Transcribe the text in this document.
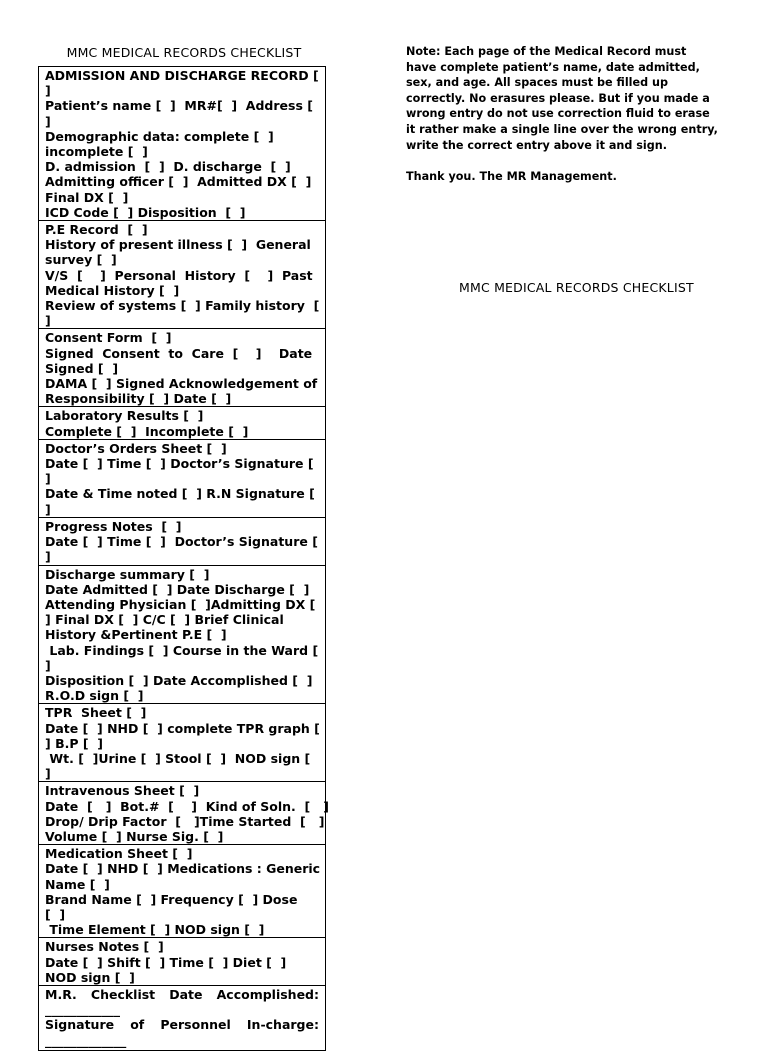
MMC MEDICAL RECORDS CHECKLIST
ADMISSION AND DISCHARGE RECORD [
]
Patient’s name [  ]  MR#[  ]  Address [
]
Demographic data: complete [  ]
incomplete [  ]
D. admission  [  ]  D. discharge  [  ]
Admitting officer [  ]  Admitted DX [  ]
Final DX [  ]
ICD Code [  ] Disposition  [  ]
P.E Record  [  ]
History of present illness [  ]  General
survey [  ]
V/S  [    ]  Personal  History  [    ]  Past
Medical History [  ]
Review of systems [  ] Family history  [
]
Consent Form  [  ]
Signed  Consent  to  Care  [    ]    Date
Signed [  ]
DAMA [  ] Signed Acknowledgement of
Responsibility [  ] Date [  ]
Laboratory Results [  ]
Complete [  ]  Incomplete [  ]
Doctor’s Orders Sheet [  ]
Date [  ] Time [  ] Doctor’s Signature [
]
Date & Time noted [  ] R.N Signature [
]
Progress Notes  [  ]
Date [  ] Time [  ]  Doctor’s Signature [
]
Discharge summary [  ]
Date Admitted [  ] Date Discharge [  ]
Attending Physician [  ]Admitting DX [
] Final DX [  ] C/C [  ] Brief Clinical
History &Pertinent P.E [  ]
Lab. Findings [  ] Course in the Ward [
]
Disposition [  ] Date Accomplished [  ]
R.O.D sign [  ]
TPR  Sheet [  ]
Date [  ] NHD [  ] complete TPR graph [
] B.P [  ]
Wt. [  ]Urine [  ] Stool [  ]  NOD sign [
]
Intravenous Sheet [  ]
Date  [   ]  Bot.#  [    ]  Kind of Soln.  [   ]
Drop/ Drip Factor  [   ]Time Started  [   ]
Volume [  ] Nurse Sig. [  ]
Medication Sheet [  ]
Date [  ] NHD [  ] Medications : Generic
Name [  ]
Brand Name [  ] Frequency [  ] Dose
[  ]
Time Element [  ] NOD sign [  ]
Nurses Notes [  ]
Date [  ] Shift [  ] Time [  ] Diet [  ]
NOD sign [  ]
M.R. Checklist Date Accomplished:
____________
Signature of Personnel In-charge:
_____________
Note: Each page of the Medical Record must
have complete patient’s name, date admitted,
sex, and age. All spaces must be filled up
correctly. No erasures please. But if you made a
wrong entry do not use correction fluid to erase
it rather make a single line over the wrong entry,
write the correct entry above it and sign.
Thank you. The MR Management.
MMC MEDICAL RECORDS CHECKLIST
